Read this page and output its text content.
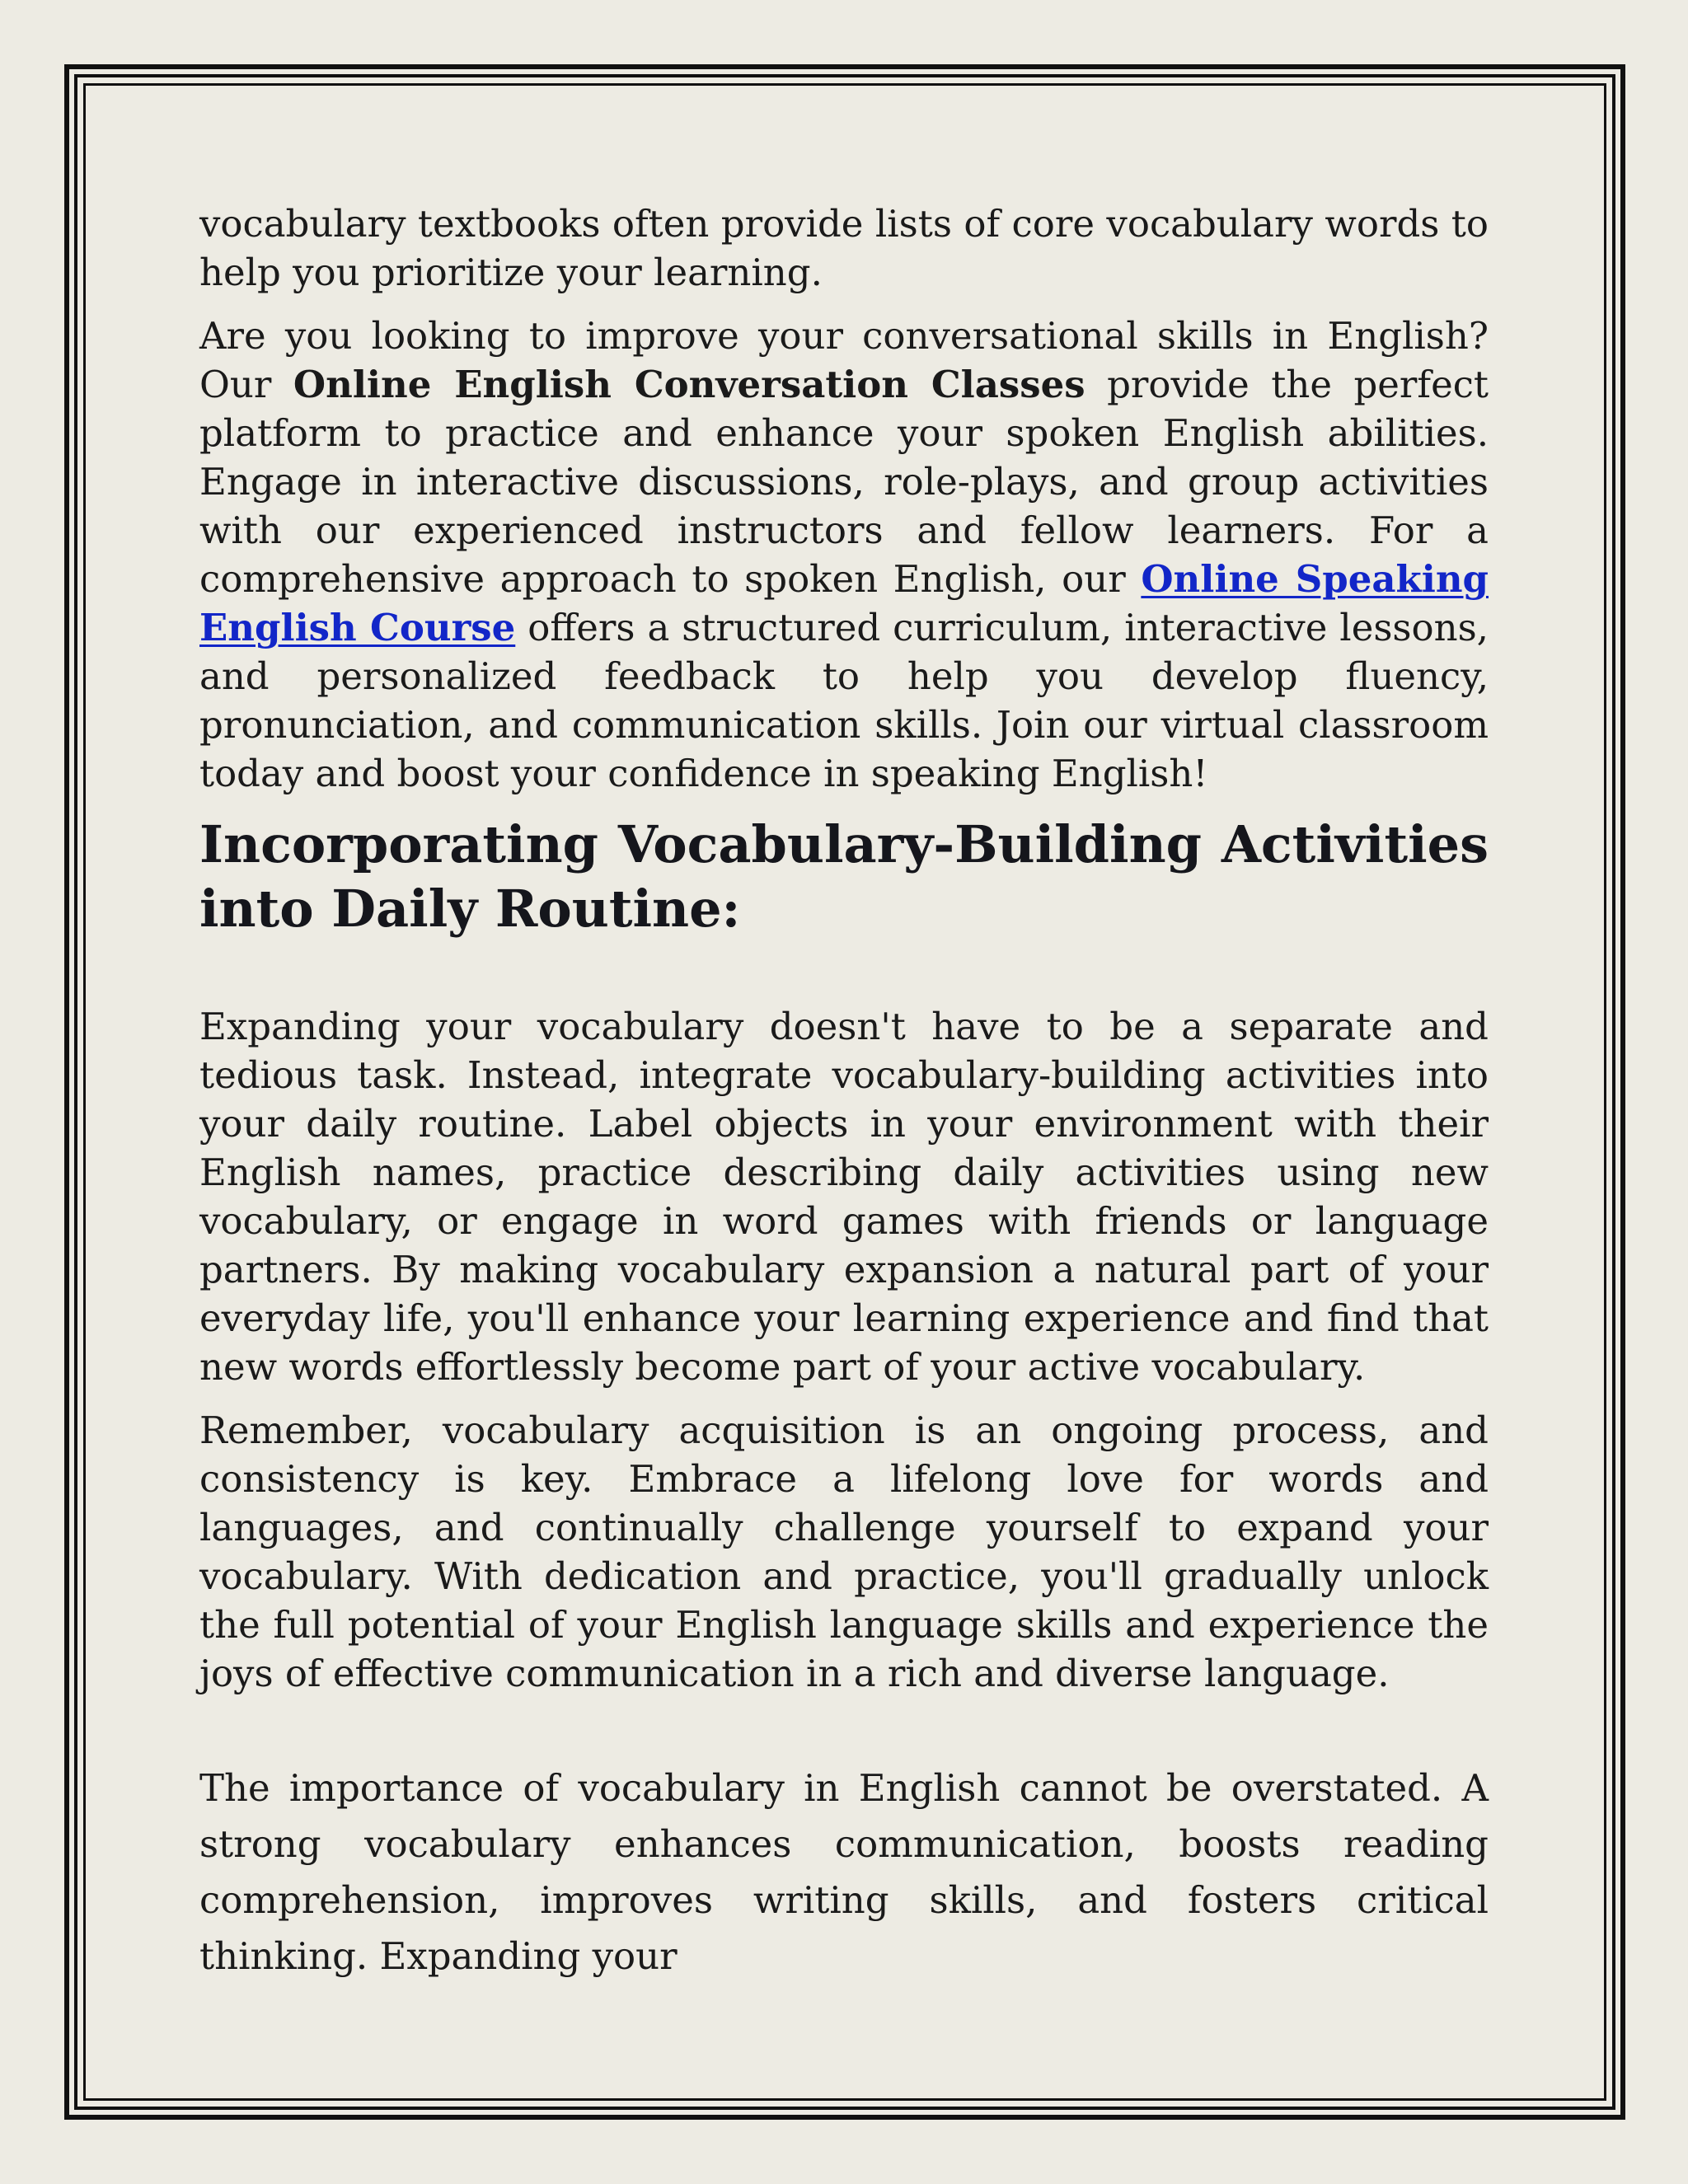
vocabulary textbooks often provide lists of core vocabulary words to help you prioritize your learning.

Are you looking to improve your conversational skills in English? Our Online English Conversation Classes provide the perfect platform to practice and enhance your spoken English abilities. Engage in interactive discussions, role-plays, and group activities with our experienced instructors and fellow learners. For a comprehensive approach to spoken English, our Online Speaking English Course offers a structured curriculum, interactive lessons, and personalized feedback to help you develop fluency, pronunciation, and communication skills. Join our virtual classroom today and boost your confidence in speaking English!

Incorporating Vocabulary-Building Activities into Daily Routine:

Expanding your vocabulary doesn't have to be a separate and tedious task. Instead, integrate vocabulary-building activities into your daily routine. Label objects in your environment with their English names, practice describing daily activities using new vocabulary, or engage in word games with friends or language partners. By making vocabulary expansion a natural part of your everyday life, you'll enhance your learning experience and find that new words effortlessly become part of your active vocabulary.

Remember, vocabulary acquisition is an ongoing process, and consistency is key. Embrace a lifelong love for words and languages, and continually challenge yourself to expand your vocabulary. With dedication and practice, you'll gradually unlock the full potential of your English language skills and experience the joys of effective communication in a rich and diverse language.

The importance of vocabulary in English cannot be overstated. A strong vocabulary enhances communication, boosts reading comprehension, improves writing skills, and fosters critical thinking. Expanding your
